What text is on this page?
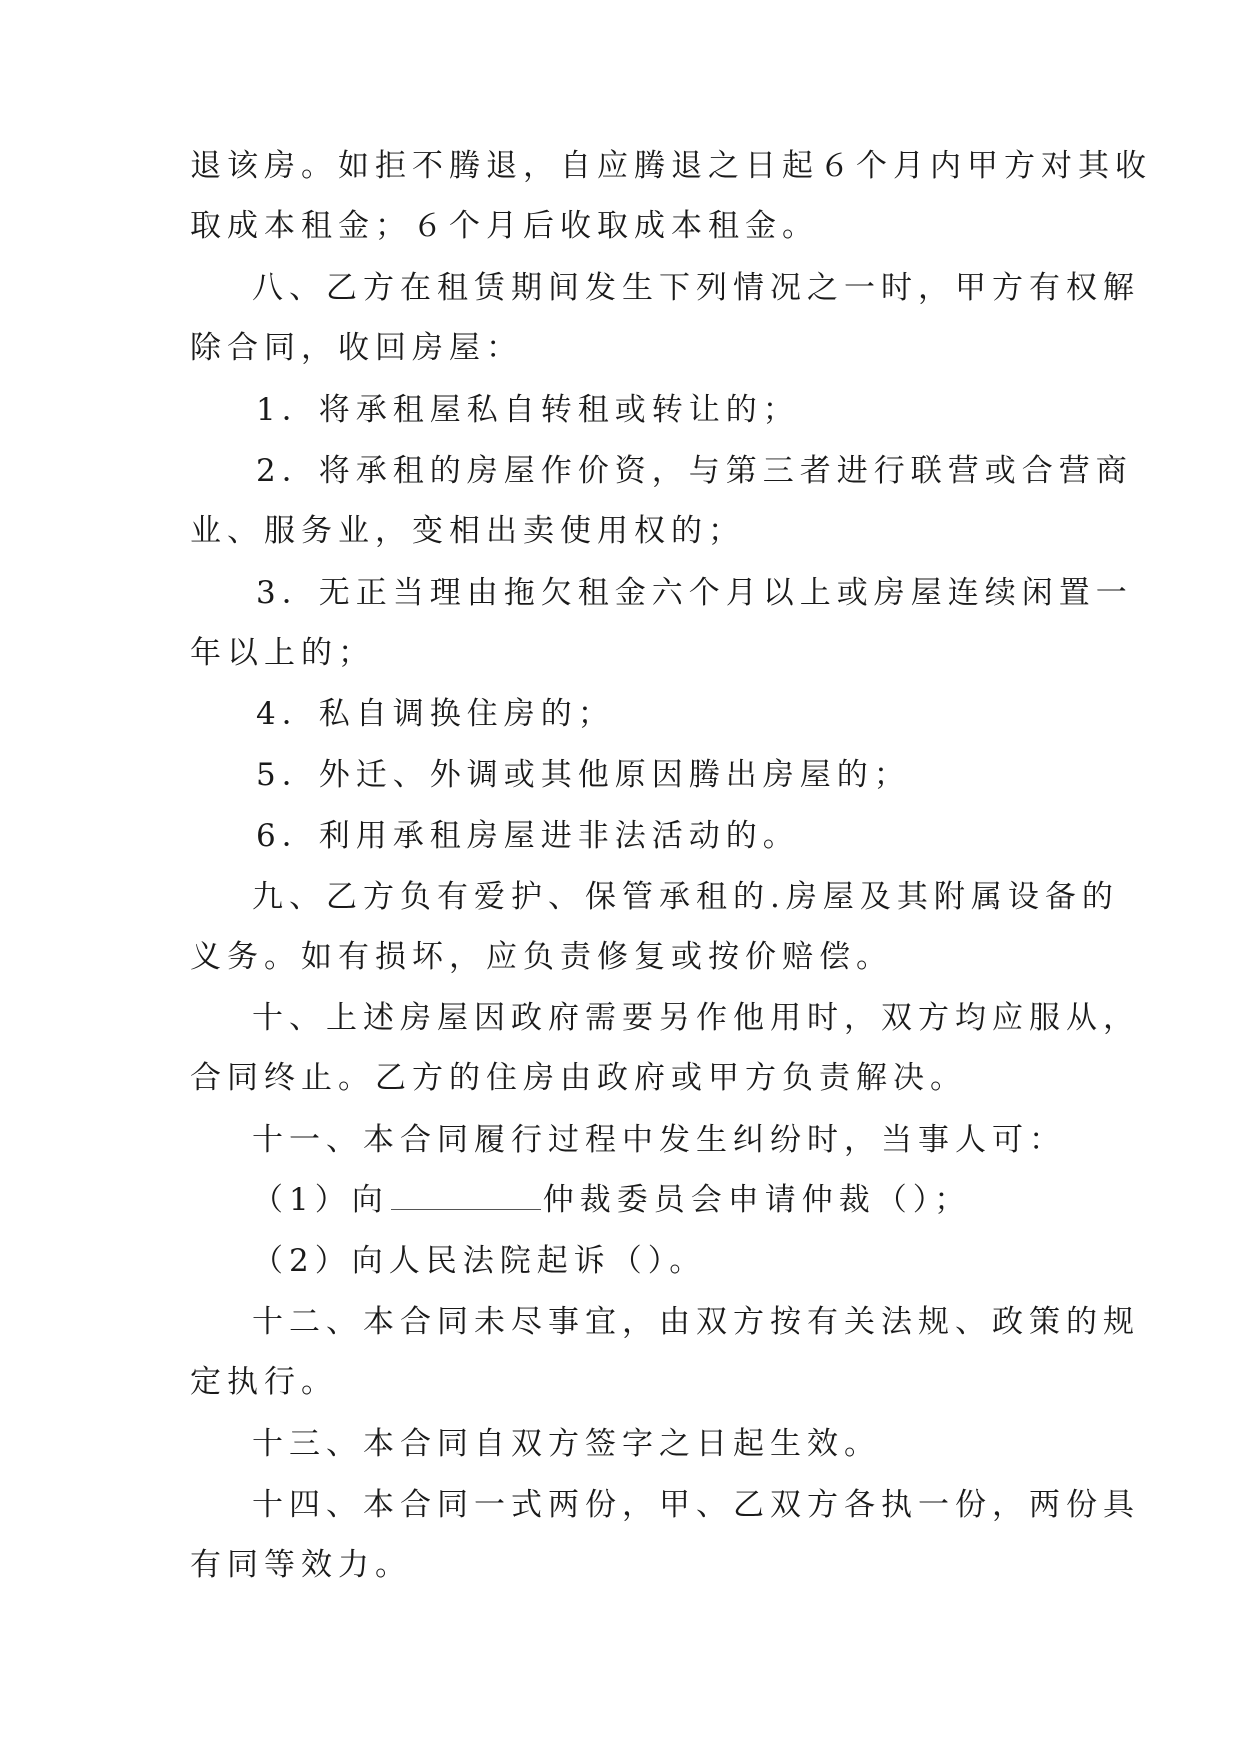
退该房。如拒不腾退，自应腾退之日起６个月内甲方对其收
取成本租金；６个月后收取成本租金。
八、乙方在租赁期间发生下列情况之一时，甲方有权解
除合同，收回房屋：
1．将承租屋私自转租或转让的；
2．将承租的房屋作价资，与第三者进行联营或合营商
业、服务业，变相出卖使用权的；
3．无正当理由拖欠租金六个月以上或房屋连续闲置一
年以上的；
4．私自调换住房的；
5．外迁、外调或其他原因腾出房屋的；
6．利用承租房屋进非法活动的。
九、乙方负有爱护、保管承租的.房屋及其附属设备的
义务。如有损坏，应负责修复或按价赔偿。
十、上述房屋因政府需要另作他用时，双方均应服从，
合同终止。乙方的住房由政府或甲方负责解决。
十一、本合同履行过程中发生纠纷时，当事人可：
（1）向	仲裁委员会申请仲裁（）；
（2）向人民法院起诉（）。
十二、本合同未尽事宜，由双方按有关法规、政策的规
定执行。
十三、本合同自双方签字之日起生效。
十四、本合同一式两份，甲、乙双方各执一份，两份具
有同等效力。
